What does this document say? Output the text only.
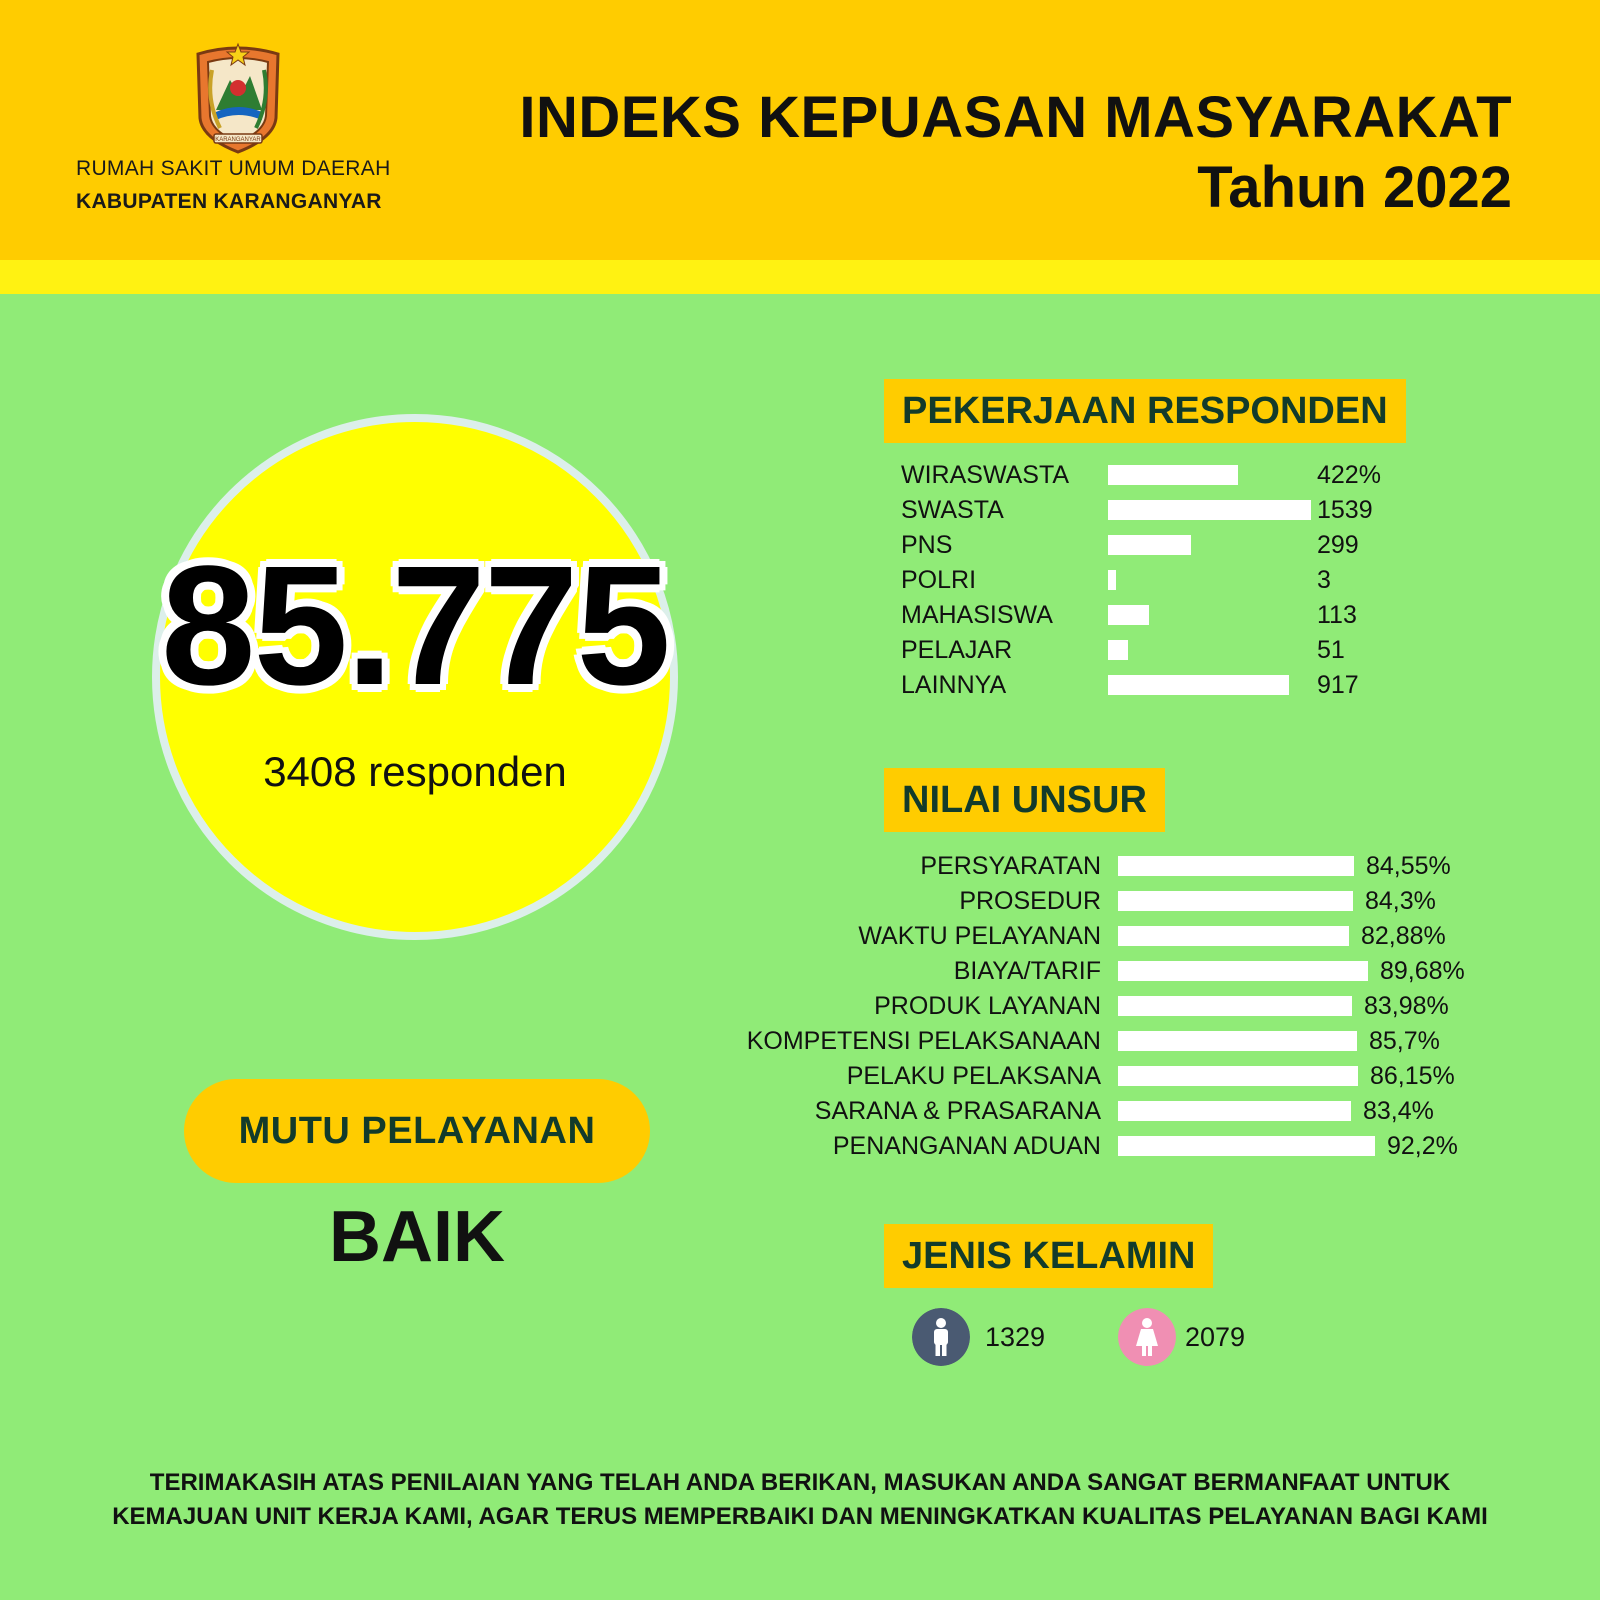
KARANGANYAR
RUMAH SAKIT UMUM DAERAH
KABUPATEN KARANGANYAR
INDEKS KEPUASAN MASYARAKAT
Tahun 2022
85.775
3408 responden
MUTU PELAYANAN
BAIK
PEKERJAAN RESPONDEN
WIRASWASTA	422%
SWASTA	1539
PNS	299
POLRI	3
MAHASISWA	113
PELAJAR	51
LAINNYA	917
NILAI UNSUR
PERSYARATAN	84,55%
PROSEDUR	84,3%
WAKTU PELAYANAN	82,88%
BIAYA/TARIF	89,68%
PRODUK LAYANAN	83,98%
KOMPETENSI PELAKSANAAN	85,7%
PELAKU PELAKSANA	86,15%
SARANA & PRASARANA	83,4%
PENANGANAN ADUAN	92,2%
JENIS KELAMIN
1329	2079
TERIMAKASIH ATAS PENILAIAN YANG TELAH ANDA BERIKAN, MASUKAN ANDA SANGAT BERMANFAAT UNTUK
KEMAJUAN UNIT KERJA KAMI, AGAR TERUS MEMPERBAIKI DAN MENINGKATKAN KUALITAS PELAYANAN BAGI KAMI
